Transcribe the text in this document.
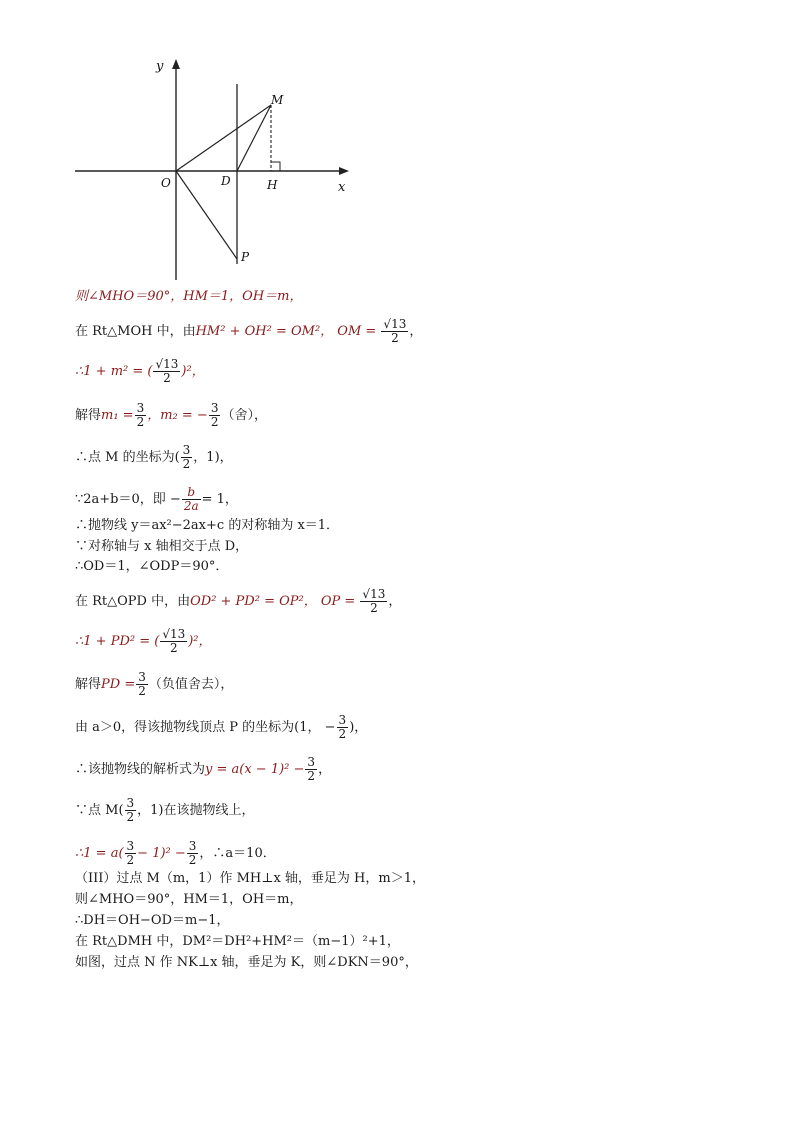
y
x
O	D	H
M
P
则∠MHO＝90°，HM＝1，OH＝m，
在 Rt△MOH 中，由HM² + OH² = OM²， OM = $\frac{√13}{2}$ ，
∴1 + m² = ( $\frac{√13}{2} )^2$，
解得$m_1 = \frac{3}{2}$ ，m₂ = − $\frac{3}{2}$ （舍），
∴点 M 的坐标为( $\frac{3}{2}$ ，1)，
∵2a+b＝0，即 − $\frac{b}{2a} = 1$，
∴抛物线 y＝ax²−2ax+c 的对称轴为 x＝1．
∵对称轴与 x 轴相交于点 D，
∴OD＝1，∠ODP＝90°．
在 Rt△OPD 中，由OD² + PD² = OP²， OP = $\frac{√13}{2}$ ，
∴1 + PD² = ( $\frac{√13}{2} )^2$，
解得PD = $\frac{3}{2}$ （负值舍去），
由 a＞0，得该抛物线顶点 P 的坐标为(1， − $\frac{3}{2}$ )，
∴该抛物线的解析式为$y = a(x - 1)^2 - \frac{3}{2}$ ，
∵点 $M( \frac{3}{2}$ ，1)在该抛物线上，
∴1 = $a( \frac{3}{2} - 1)^2 - \frac{3}{2}$ ，∴a＝10．
（III）过点 M（m，1）作 MH⊥x 轴，垂足为 H，m＞1，
则∠MHO＝90°，HM＝1，OH＝m，
∴DH＝OH−OD＝m−1，
在 Rt△DMH 中，DM²＝DH²+HM²＝（m−1）²+1，
如图，过点 N 作 NK⊥x 轴，垂足为 K，则∠DKN＝90°，
